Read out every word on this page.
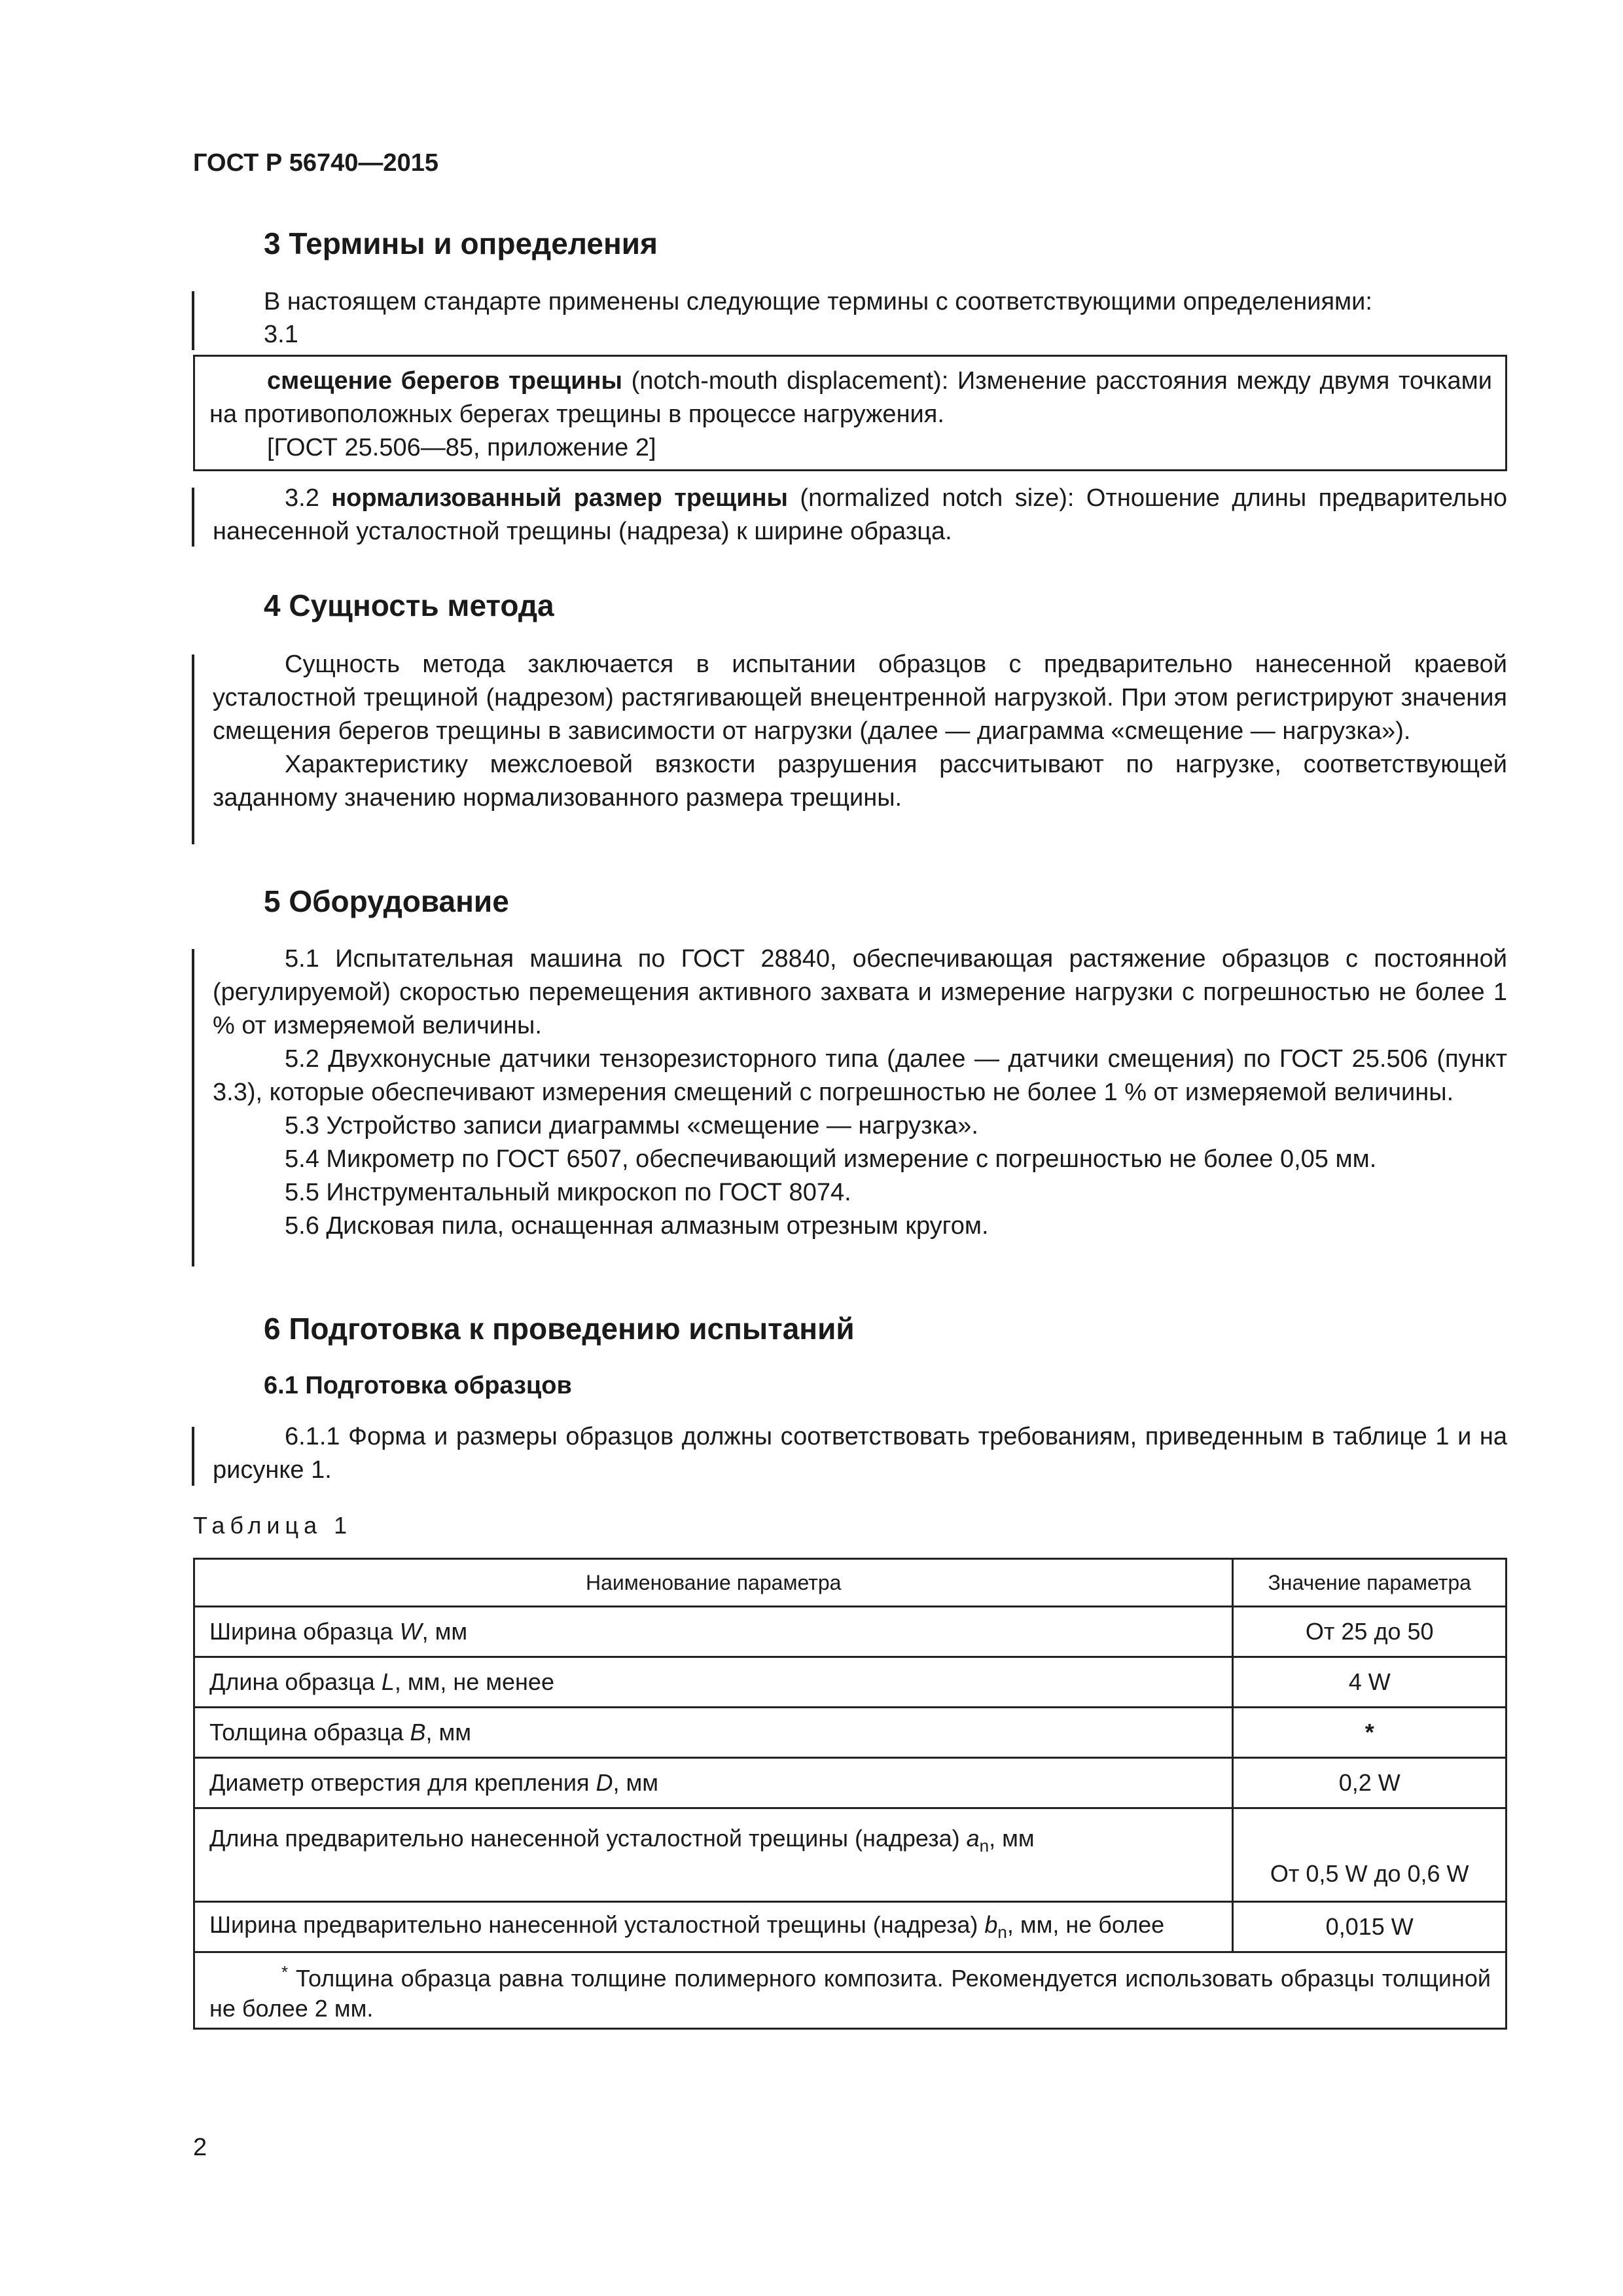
ГОСТ Р 56740—2015
3 Термины и определения
В настоящем стандарте применены следующие термины с соответствующими определениями:
3.1
смещение берегов трещины (notch-mouth displacement): Изменение расстояния между двумя точками на противоположных берегах трещины в процессе нагружения.
[ГОСТ 25.506—85, приложение 2]
3.2 нормализованный размер трещины (normalized notch size): Отношение длины предварительно нанесенной усталостной трещины (надреза) к ширине образца.
4 Сущность метода
Сущность метода заключается в испытании образцов с предварительно нанесенной краевой усталостной трещиной (надрезом) растягивающей внецентренной нагрузкой. При этом регистрируют значения смещения берегов трещины в зависимости от нагрузки (далее — диаграмма «смещение — нагрузка»).
Характеристику межслоевой вязкости разрушения рассчитывают по нагрузке, соответствующей заданному значению нормализованного размера трещины.
5 Оборудование
5.1 Испытательная машина по ГОСТ 28840, обеспечивающая растяжение образцов с постоянной (регулируемой) скоростью перемещения активного захвата и измерение нагрузки с погрешностью не более 1 % от измеряемой величины.
5.2 Двухконусные датчики тензорезисторного типа (далее — датчики смещения) по ГОСТ 25.506 (пункт 3.3), которые обеспечивают измерения смещений с погрешностью не более 1 % от измеряемой величины.
5.3 Устройство записи диаграммы «смещение — нагрузка».
5.4 Микрометр по ГОСТ 6507, обеспечивающий измерение с погрешностью не более 0,05 мм.
5.5 Инструментальный микроскоп по ГОСТ 8074.
5.6 Дисковая пила, оснащенная алмазным отрезным кругом.
6 Подготовка к проведению испытаний
6.1 Подготовка образцов
6.1.1 Форма и размеры образцов должны соответствовать требованиям, приведенным в таблице 1 и на рисунке 1.
Таблица 1
Наименование параметра	Значение параметра
Ширина образца W, мм	От 25 до 50
Длина образца L, мм, не менее	4 W
Толщина образца B, мм	*
Диаметр отверстия для крепления D, мм	0,2 W
Длина предварительно нанесенной усталостной трещины (надреза) $a_n$, мм	От 0,5 W до 0,6 W
Ширина предварительно нанесенной усталостной трещины (надреза) $b_n$, мм, не более	0,015 W

* Толщина образца равна толщине полимерного композита. Рекомендуется использовать образцы толщиной не более 2 мм.	
2
